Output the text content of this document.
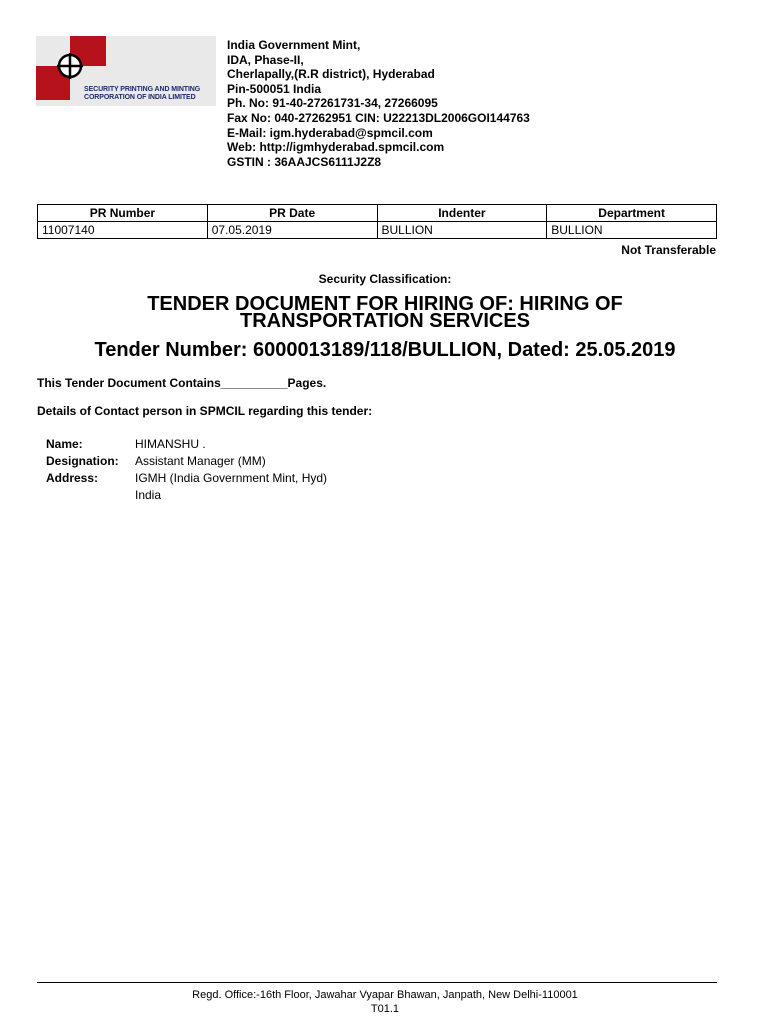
SECURITY PRINTING AND MINTING
CORPORATION OF INDIA LIMITED
India Government Mint,
IDA, Phase-II,
Cherlapally,(R.R district), Hyderabad
Pin-500051 India
Ph. No: 91-40-27261731-34, 27266095
Fax No: 040-27262951 CIN: U22213DL2006GOI144763
E-Mail: igm.hyderabad@spmcil.com
Web: http://igmhyderabad.spmcil.com
GSTIN : 36AAJCS6111J2Z8
PR Number	PR Date	Indenter	Department
11007140	07.05.2019	BULLION	BULLION
Not Transferable
Security Classification:
TENDER DOCUMENT FOR HIRING OF: HIRING OF
TRANSPORTATION SERVICES
Tender Number: 6000013189/118/BULLION, Dated: 25.05.2019
This Tender Document Contains__________Pages.
Details of Contact person in SPMCIL regarding this tender:
Name:	HIMANSHU .
Designation:	Assistant Manager (MM)
Address:	IGMH (India Government Mint, Hyd)
India
Regd. Office:-16th Floor, Jawahar Vyapar Bhawan, Janpath, New Delhi-110001
T01.1
